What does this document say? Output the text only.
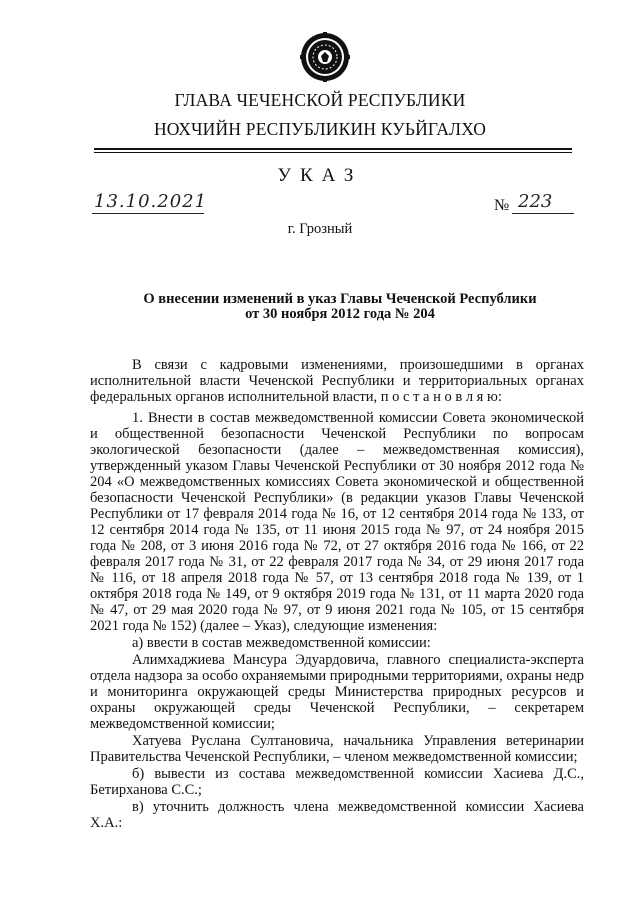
ГЛАВА ЧЕЧЕНСКОЙ РЕСПУБЛИКИ
НОХЧИЙН РЕСПУБЛИКИН КУЬЙГАЛХО
УКАЗ
13.10.2021	№ 223
г. Грозный
О внесении изменений в указ Главы Чеченской Республики
от 30 ноября 2012 года № 204

В связи с кадровыми изменениями, произошедшими в органах исполнительной власти Чеченской Республики и территориальных органах федеральных органов исполнительной власти, п о с т а н о в л я ю:

1. Внести в состав межведомственной комиссии Совета экономической и общественной безопасности Чеченской Республики по вопросам экологической безопасности (далее – межведомственная комиссия), утвержденный указом Главы Чеченской Республики от 30 ноября 2012 года № 204 «О межведомственных комиссиях Совета экономической и общественной безопасности Чеченской Республики» (в редакции указов Главы Чеченской Республики от 17 февраля 2014 года № 16, от 12 сентября 2014 года № 133, от 12 сентября 2014 года № 135, от 11 июня 2015 года № 97, от 24 ноября 2015 года № 208, от 3 июня 2016 года № 72, от 27 октября 2016 года № 166, от 22 февраля 2017 года № 31, от 22 февраля 2017 года № 34, от 29 июня 2017 года № 116, от 18 апреля 2018 года № 57, от 13 сентября 2018 года № 139, от 1 октября 2018 года № 149, от 9 октября 2019 года № 131, от 11 марта 2020 года № 47, от 29 мая 2020 года № 97, от 9 июня 2021 года № 105, от 15 сентября 2021 года № 152) (далее – Указ), следующие изменения:

а) ввести в состав межведомственной комиссии:

Алимхаджиева Мансура Эдуардовича, главного специалиста-эксперта отдела надзора за особо охраняемыми природными территориями, охраны недр и мониторинга окружающей среды Министерства природных ресурсов и охраны окружающей среды Чеченской Республики, – секретарем межведомственной комиссии;

Хатуева Руслана Султановича, начальника Управления ветеринарии Правительства Чеченской Республики, – членом межведомственной комиссии;

б) вывести из состава межведомственной комиссии Хасиева Д.С., Бетирханова С.С.;

в) уточнить должность члена межведомственной комиссии Хасиева Х.А.:
